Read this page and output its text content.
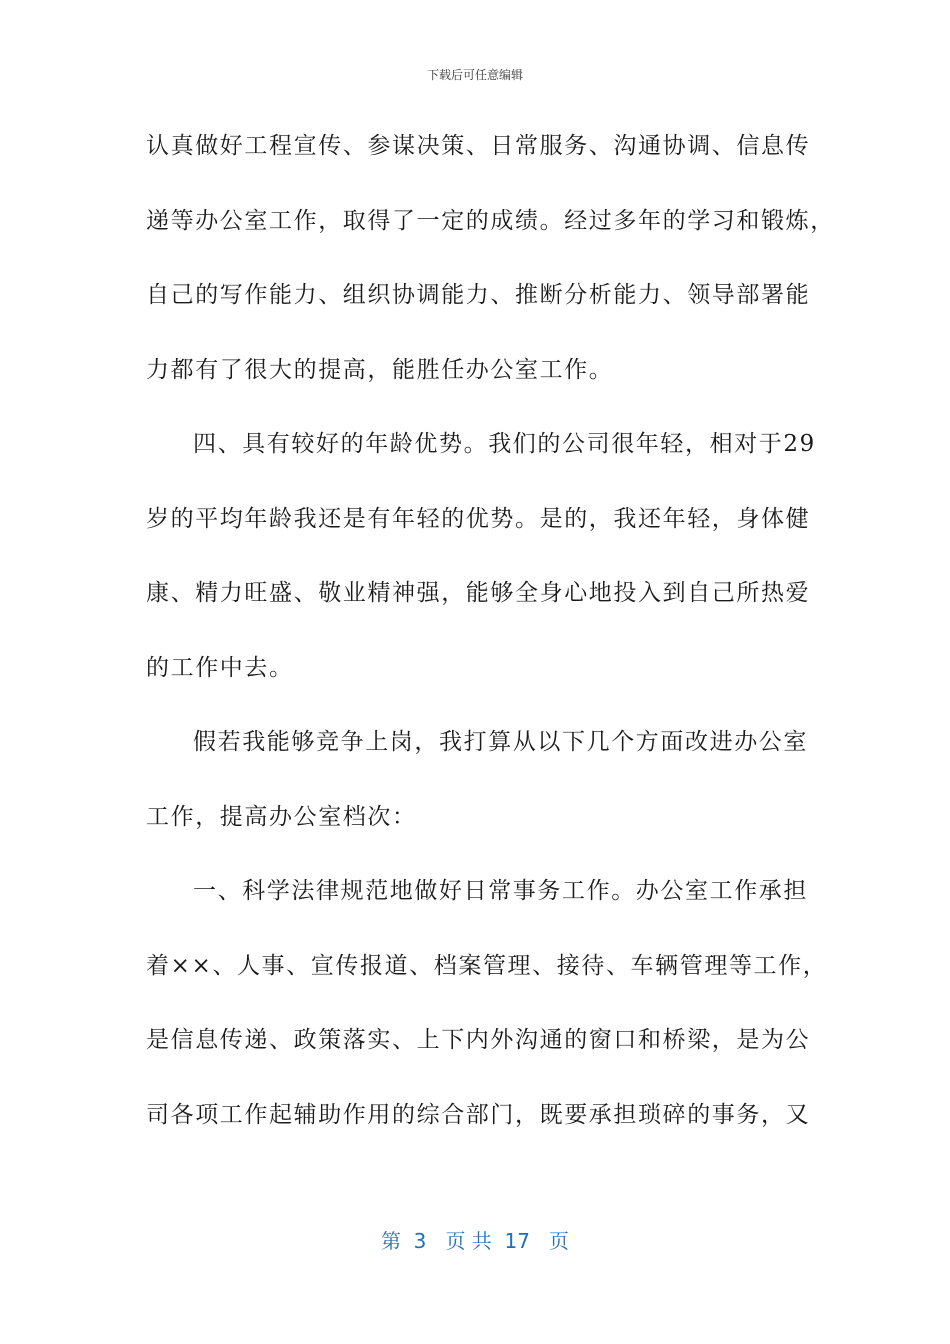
下载后可任意编辑
认真做好工程宣传、参谋决策、日常服务、沟通协调、信息传
递等办公室工作，取得了一定的成绩。经过多年的学习和锻炼，
自己的写作能力、组织协调能力、推断分析能力、领导部署能
力都有了很大的提高，能胜任办公室工作。
四、具有较好的年龄优势。我们的公司很年轻，相对于29
岁的平均年龄我还是有年轻的优势。是的，我还年轻，身体健
康、精力旺盛、敬业精神强，能够全身心地投入到自己所热爱
的工作中去。
假若我能够竞争上岗，我打算从以下几个方面改进办公室
工作，提高办公室档次：
一、科学法律规范地做好日常事务工作。办公室工作承担
着××、人事、宣传报道、档案管理、接待、车辆管理等工作，
是信息传递、政策落实、上下内外沟通的窗口和桥梁，是为公
司各项工作起辅助作用的综合部门，既要承担琐碎的事务，又
第  3   页 共  17   页
